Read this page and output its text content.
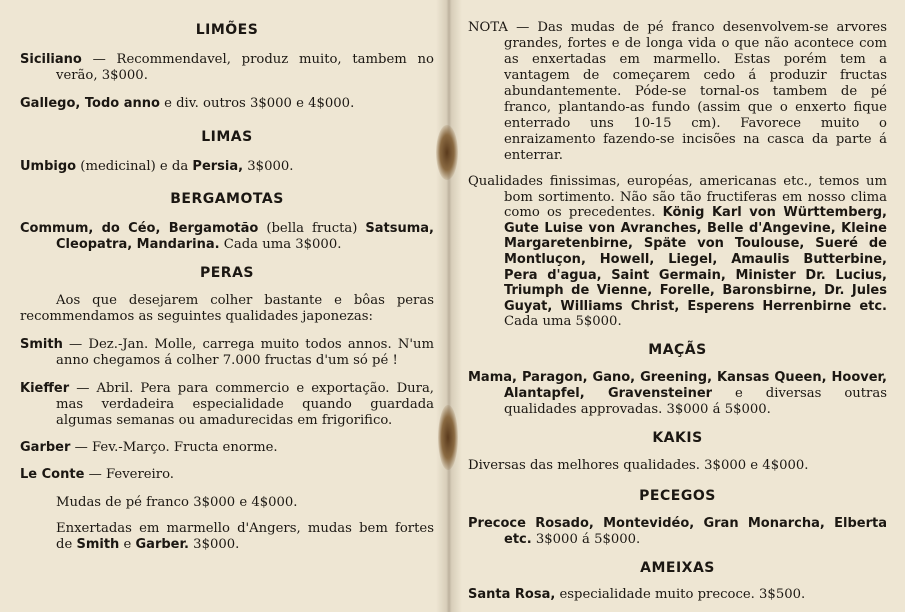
LIMÕES

Siciliano — Recommendavel, produz muito, tambem no verão, 3$000.

Gallego, Todo anno e div. outros 3$000 e 4$000.

LIMAS

Umbigo (medicinal) e da Persia, 3$000.

BERGAMOTAS

Commum, do Céo, Bergamotão (bella fructa) Satsuma, Cleopatra, Mandarina. Cada uma 3$000.

PERAS

Aos que desejarem colher bastante e bôas peras recommendamos as seguintes qualidades japonezas:

Smith — Dez.-Jan. Molle, carrega muito todos annos. N'um anno chegamos á colher 7.000 fructas d'um só pé !

Kieffer — Abril. Pera para commercio e exportação. Dura, mas verdadeira especialidade quando guardada algumas semanas ou amadurecidas em frigorifico.

Garber — Fev.-Março. Fructa enorme.

Le Conte — Fevereiro.

Mudas de pé franco 3$000 e 4$000.

Enxertadas em marmello d'Angers, mudas bem fortes de Smith e Garber. 3$000.

NOTA — Das mudas de pé franco desenvolvem-se arvores grandes, fortes e de longa vida o que não acontece com as enxertadas em marmello. Estas porém tem a vantagem de começarem cedo á produzir fructas abundantemente. Póde-se tornal-os tambem de pé franco, plantando-as fundo (assim que o enxerto fique enterrado uns 10-15 cm). Favorece muito o enraizamento fazendo-se incisões na casca da parte á enterrar.

Qualidades finissimas, européas, americanas etc., temos um bom sortimento. Não são tão fructiferas em nosso clima como os precedentes. König Karl von Württemberg, Gute Luise von Avranches, Belle d'Angevine, Kleine Margaretenbirne, Späte von Toulouse, Sueré de Montluçon, Howell, Liegel, Amaulis Butterbine, Pera d'agua, Saint Germain, Minister Dr. Lucius, Triumph de Vienne, Forelle, Baronsbirne, Dr. Jules Guyat, Williams Christ, Esperens Herrenbirne etc. Cada uma 5$000.

MAÇÃS

Mama, Paragon, Gano, Greening, Kansas Queen, Hoover, Alantapfel, Gravensteiner e diversas outras qualidades approvadas. 3$000 á 5$000.

KAKIS

Diversas das melhores qualidades. 3$000 e 4$000.

PECEGOS

Precoce Rosado, Montevidéo, Gran Monarcha, Elberta etc. 3$000 á 5$000.

AMEIXAS

Santa Rosa, especialidade muito precoce. 3$500.
